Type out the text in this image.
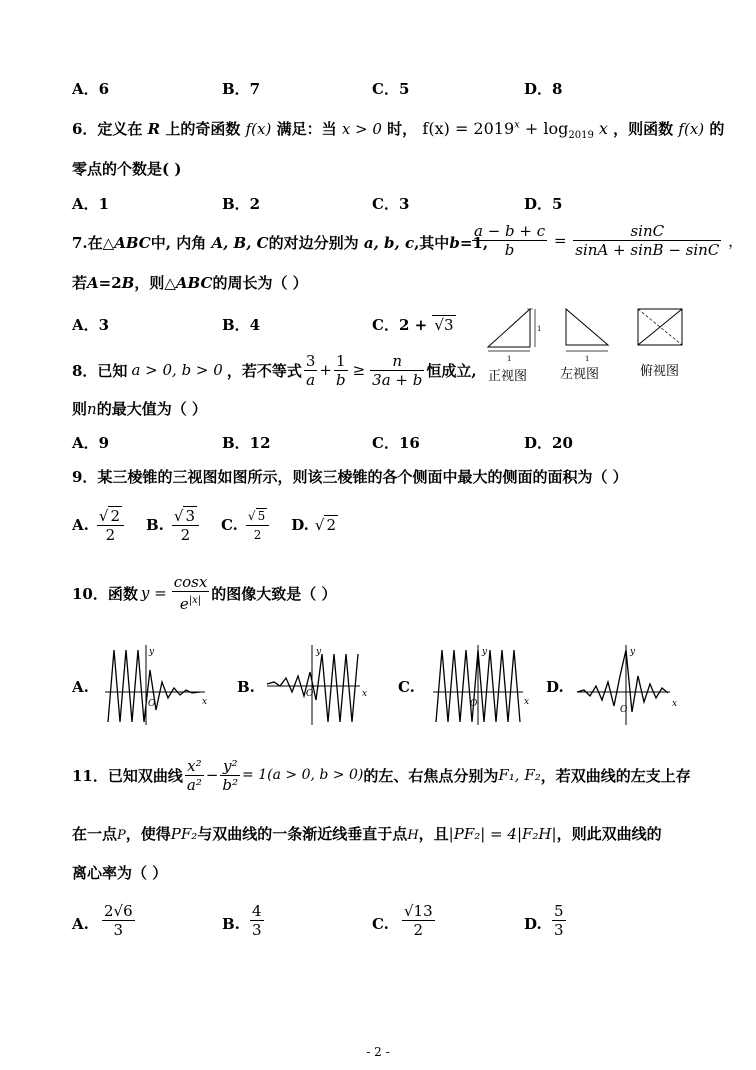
A．6	B．7	C．5	D．8
6．定义在 R 上的奇函数 f(x) 满足：当 x > 0 时， $f(x) = 2019^x + \log_{2019} x$ ，则函数 f(x) 的
零点的个数是( )
A．1	B．2	C．3	D．5
7.在△ABC中, 内角 A, B, C的对边分别为 a, b, c,其中b=1,
$\frac{a - b + c}{b} = \frac{\sin C}{\sin A + \sin B - \sin C}$ ，
若A=2B，则△ABC的周长为（ ）
A．3	B．4	C．2 + √3
1
1
1
正视图	左视图	俯视图
8．已知 a > 0, b > 0 ，若不等式 $\frac{3}{a} + \frac{1}{b} \ge \frac{n}{3a + b}$ 恒成立,
则n的最大值为（ ）
A．9	B．12	C．16	D．20
9．某三棱锥的三视图如图所示，则该三棱锥的各个侧面中最大的侧面的面积为（ ）
A. $\frac{√ 2}{2} B$. $\frac{√ 3}{2} C$. $\frac{√ 5}{2} D$. √ 2
10．函数 $y = \frac{\cos x}{e^{|x|}}$ 的图像大致是（ ）
A.
y
x
O
B.
y
x
O	C.
y
x
O
D.
y
x
O
11．已知双曲线 $\frac{\text{x²}}{\text{a²}} - \frac{\text{y²}}{\text{b²}} = 1(a > 0$, b > 0) 的左、右焦点分别为 F₁, F₂ ，若双曲线的左支上存
在一点P，使得PF₂与双曲线的一条渐近线垂直于点H，且|PF₂| = 4|F₂H|，则此双曲线的
离心率为（ ）
A. $\frac{2√6}{3}$	B. $\frac{4}{3}$	C. $\frac{√13}{2}$	D. $\frac{5}{3}$
- 2 -
